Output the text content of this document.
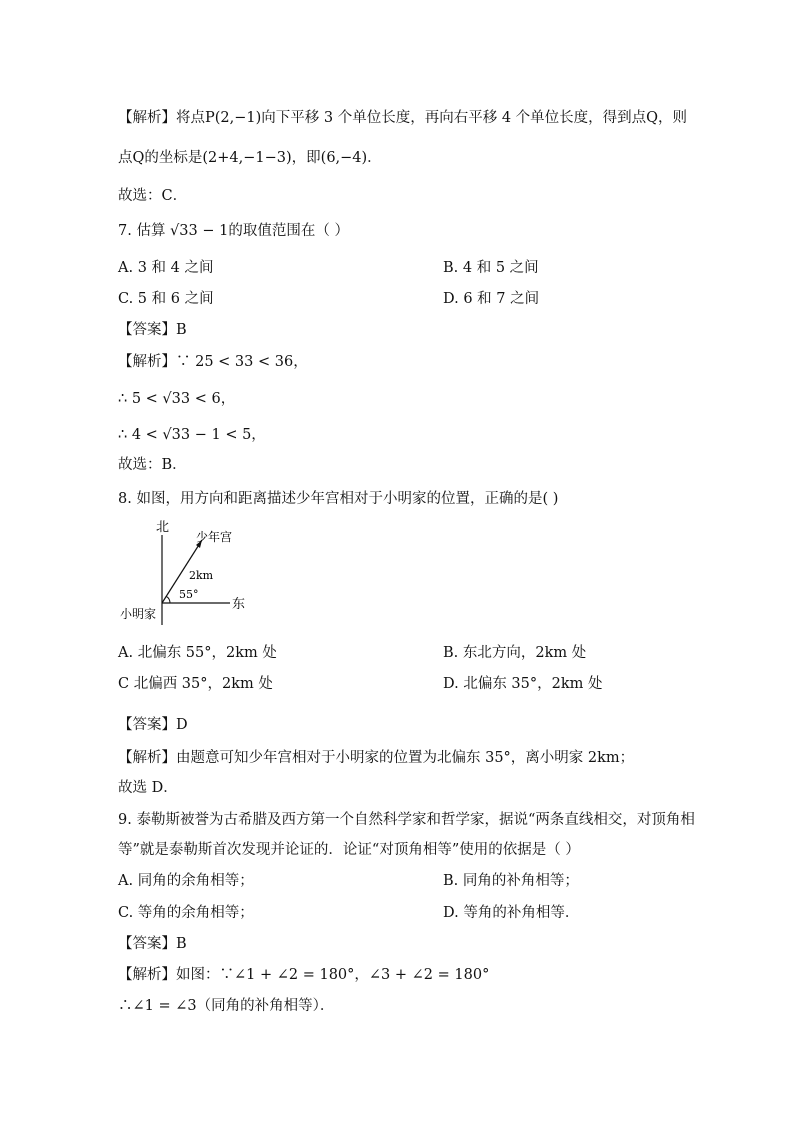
【解析】将点P(2,−1)向下平移 3 个单位长度，再向右平移 4 个单位长度，得到点Q，则
点Q的坐标是(2+4,−1−3)，即(6,−4)．
故选：C．
7. 估算 √33 − 1的取值范围在（ ）
A. 3 和 4 之间	B. 4 和 5 之间
C. 5 和 6 之间	D. 6 和 7 之间
【答案】B
【解析】∵ 25 < 33 < 36，
∴ 5 < √33 < 6，
∴ 4 < √33 − 1 < 5，
故选：B．
8. 如图，用方向和距离描述少年宫相对于小明家的位置，正确的是( )
北
东
小明家
少年宫
2km
55°
A. 北偏东 55°，2km 处	B. 东北方向，2km 处
C 北偏西 35°，2km 处	D. 北偏东 35°，2km 处
【答案】D
【解析】由题意可知少年宫相对于小明家的位置为北偏东 35°，离小明家 2km；
故选 D．
9. 泰勒斯被誉为古希腊及西方第一个自然科学家和哲学家，据说“两条直线相交，对顶角相
等”就是泰勒斯首次发现并论证的．论证“对顶角相等”使用的依据是（ ）
A. 同角的余角相等；	B. 同角的补角相等；
C. 等角的余角相等；	D. 等角的补角相等．
【答案】B
【解析】如图：∵∠1 + ∠2 = 180°，∠3 + ∠2 = 180°
∴∠1 = ∠3（同角的补角相等）．
